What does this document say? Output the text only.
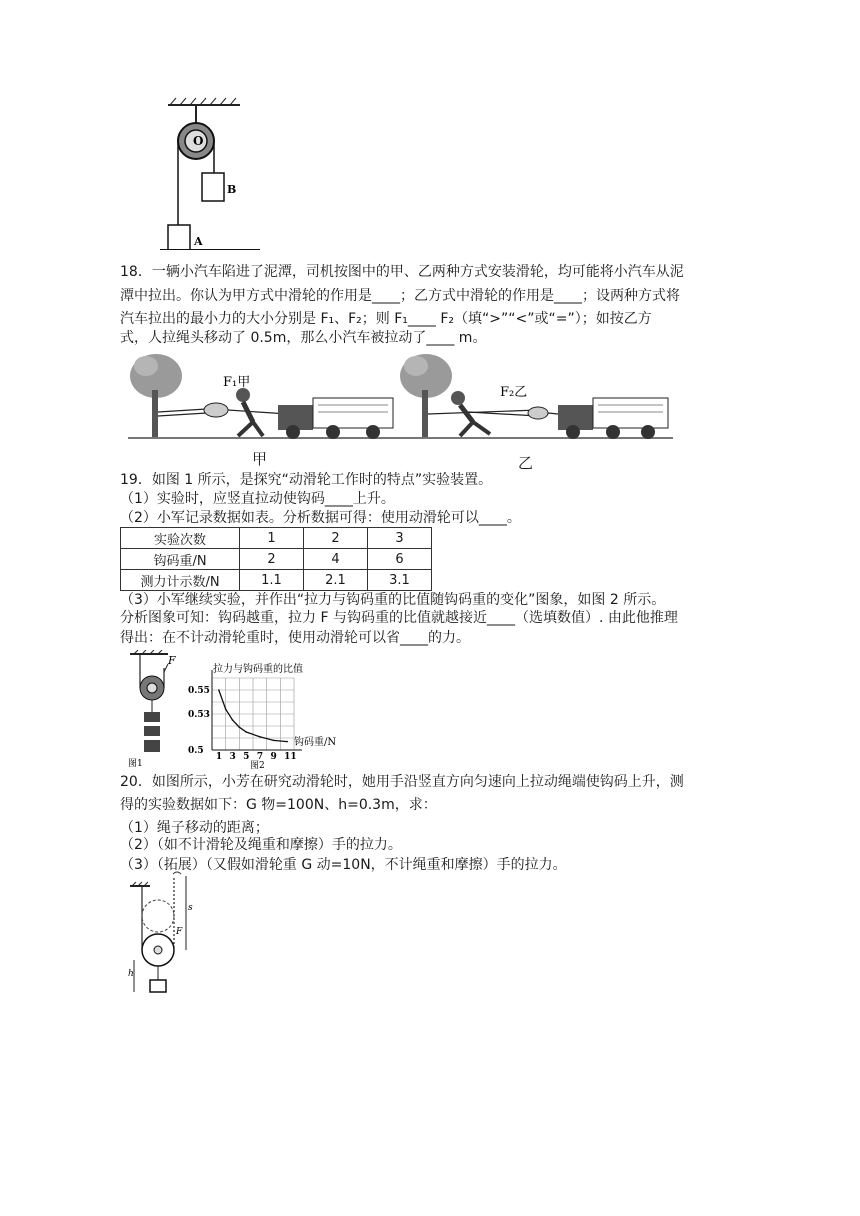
O
B
A
18．一辆小汽车陷进了泥潭，司机按图中的甲、乙两种方式安装滑轮，均可能将小汽车从泥
潭中拉出。你认为甲方式中滑轮的作用是____；乙方式中滑轮的作用是____；设两种方式将
汽车拉出的最小力的大小分别是 F₁、F₂；则 F₁____ F₂（填“>”“<”或“=”）；如按乙方
式，人拉绳头移动了 0.5m，那么小汽车被拉动了____ m。
F₁甲
F₂乙
甲	乙
19．如图 1 所示，是探究“动滑轮工作时的特点”实验装置。
（1）实验时，应竖直拉动使钩码____上升。
（2）小军记录数据如表。分析数据可得：使用动滑轮可以____。
实验次数	1	2	3
钩码重/N	2	4	6
测力计示数/N	1.1	2.1	3.1
（3）小军继续实验，并作出“拉力与钩码重的比值随钩码重的变化”图象，如图 2 所示。
分析图象可知：钩码越重，拉力 F 与钩码重的比值就越接近____（选填数值）. 由此他推理
得出：在不计动滑轮重时，使用动滑轮可以省____的力。
F
图1
拉力与钩码重的比值
钩码重/N
图2
1 3 5 7 9 11
0.5
0.53
0.55
20．如图所示，小芳在研究动滑轮时，她用手沿竖直方向匀速向上拉动绳端使钩码上升，测
得的实验数据如下：G 物=100N、h=0.3m，求：
（1）绳子移动的距离；
（2）（如不计滑轮及绳重和摩擦）手的拉力。
（3）（拓展）（又假如滑轮重 G 动=10N，不计绳重和摩擦）手的拉力。
s
h
F
